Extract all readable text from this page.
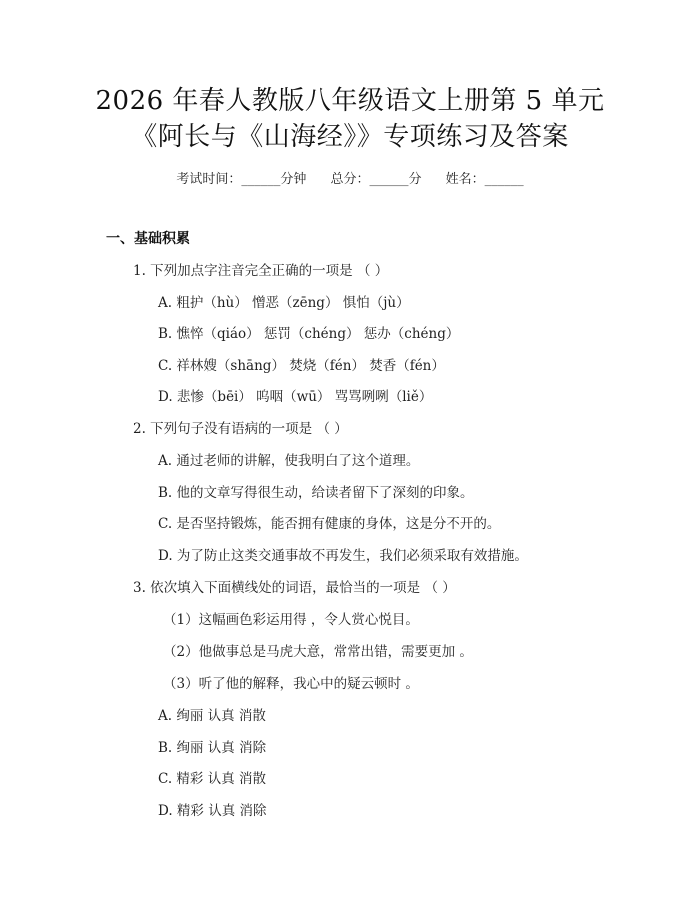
2026 年春人教版八年级语文上册第 5 单元
《阿长与《山海经》》专项练习及答案
考试时间：______分钟 总分：______分 姓名：______
一、基础积累
1. 下列加点字注音完全正确的一项是 （ ）
A. 粗护（hù） 憎恶（zēng） 惧怕（jù）
B. 憔悴（qiáo） 惩罚（chéng） 惩办（chéng）
C. 祥林嫂（shāng） 焚烧（fén） 焚香（fén）
D. 悲惨（bēi） 呜咽（wū） 骂骂咧咧（liě）
2. 下列句子没有语病的一项是 （ ）
A. 通过老师的讲解，使我明白了这个道理。
B. 他的文章写得很生动，给读者留下了深刻的印象。
C. 是否坚持锻炼，能否拥有健康的身体，这是分不开的。
D. 为了防止这类交通事故不再发生，我们必须采取有效措施。
3. 依次填入下面横线处的词语，最恰当的一项是 （ ）
（1）这幅画色彩运用得 ，令人赏心悦目。
（2）他做事总是马虎大意，常常出错，需要更加 。
（3）听了他的解释，我心中的疑云顿时 。
A. 绚丽 认真 消散
B. 绚丽 认真 消除
C. 精彩 认真 消散
D. 精彩 认真 消除
